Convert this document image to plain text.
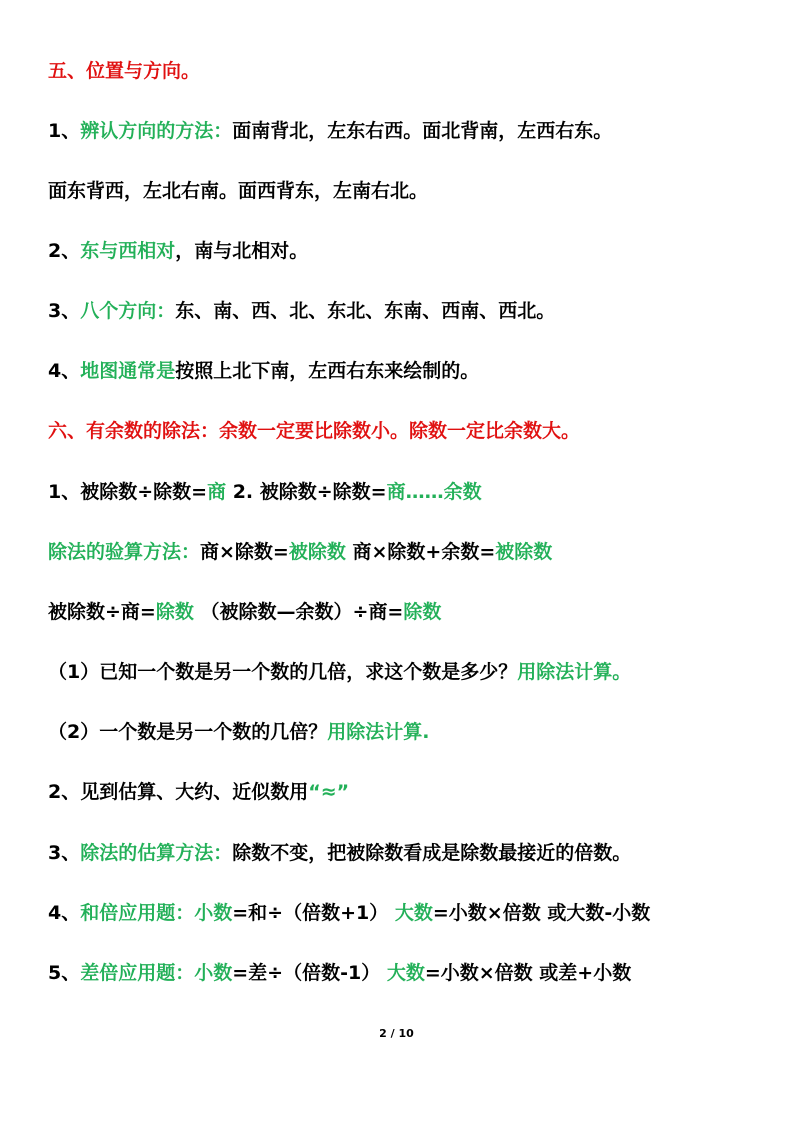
五、位置与方向。
1、辨认方向的方法：面南背北，左东右西。面北背南，左西右东。
面东背西，左北右南。面西背东，左南右北。
2、东与西相对，南与北相对。
3、八个方向：东、南、西、北、东北、东南、西南、西北。
4、地图通常是按照上北下南，左西右东来绘制的。
六、有余数的除法：余数一定要比除数小。除数一定比余数大。
1、被除数÷除数=商 2. 被除数÷除数=商……余数
除法的验算方法：商×除数=被除数 商×除数+余数=被除数
被除数÷商=除数 （被除数—余数）÷商=除数
（1）已知一个数是另一个数的几倍，求这个数是多少？用除法计算。
（2）一个数是另一个数的几倍？用除法计算.
2、见到估算、大约、近似数用“≈”
3、除法的估算方法：除数不变，把被除数看成是除数最接近的倍数。
4、和倍应用题：小数=和÷（倍数+1） 大数=小数×倍数 或大数-小数
5、差倍应用题：小数=差÷（倍数-1） 大数=小数×倍数 或差+小数
2 / 10
